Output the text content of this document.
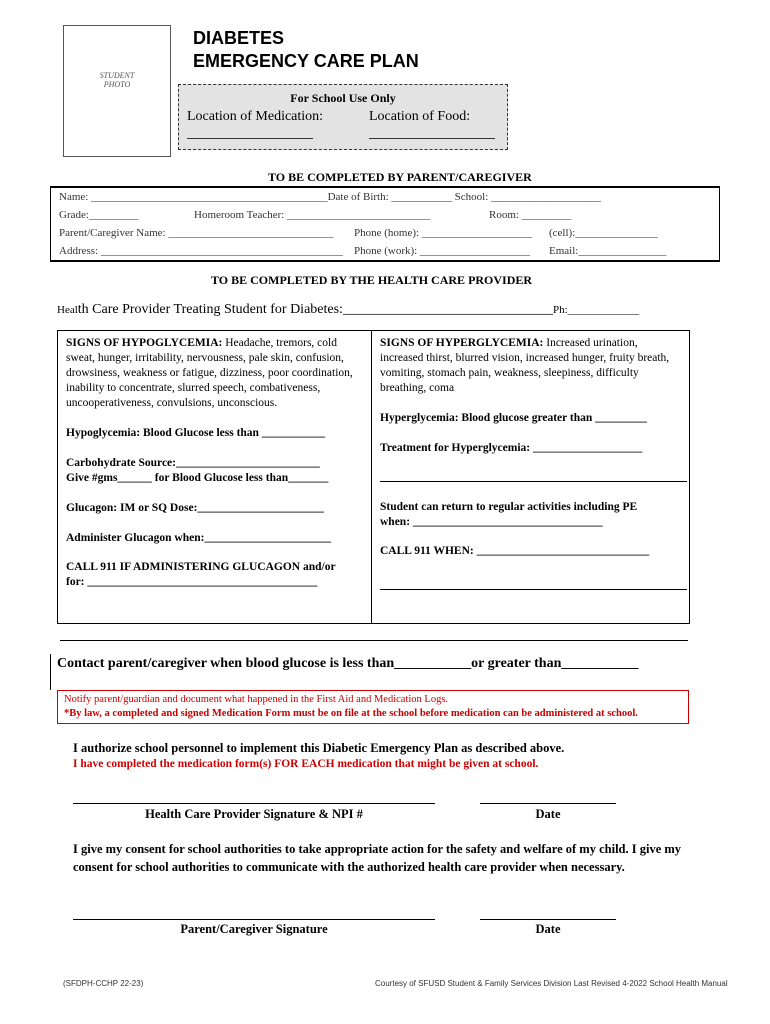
STUDENT
PHOTO
DIABETES
EMERGENCY CARE PLAN
For School Use Only
Location of Medication:	Location of Food:
TO BE COMPLETED BY PARENT/CAREGIVER
Name: ___________________________________________Date of Birth: ___________ School: ____________________
Grade:_________	Homeroom Teacher: __________________________	Room: _________
Parent/Caregiver Name: ______________________________ Phone (home): ____________________ (cell):_______________
Address: ____________________________________________ Phone (work): ____________________ Email:________________
TO BE COMPLETED BY THE HEALTH CARE PROVIDER
Health Care Provider Treating Student for Diabetes:______________________________Ph:_____________
SIGNS OF HYPOGLYCEMIA: Headache, tremors, cold sweat, hunger, irritability, nervousness, pale skin, confusion, drowsiness, weakness or fatigue, dizziness, poor coordination, inability to concentrate, slurred speech, combativeness, uncooperativeness, convulsions, unconscious.
Hypoglycemia: Blood Glucose less than ___________
Carbohydrate Source:_________________________
Give #gms______ for Blood Glucose less than_______
Glucagon: IM or SQ Dose:______________________
Administer Glucagon when:______________________
CALL 911 IF ADMINISTERING GLUCAGON and/or
for: ________________________________________
SIGNS OF HYPERGLYCEMIA: Increased urination, increased thirst, blurred vision, increased hunger, fruity breath, vomiting, stomach pain, weakness, sleepiness, difficulty breathing, coma
Hyperglycemia: Blood glucose greater than _________
Treatment for Hyperglycemia: ___________________
Student can return to regular activities including PE
when: _________________________________
CALL 911 WHEN: ______________________________
Contact parent/caregiver when blood glucose is less than___________or greater than___________
Notify parent/guardian and document what happened in the First Aid and Medication Logs.
*By law, a completed and signed Medication Form must be on file at the school before medication can be administered at school.
I authorize school personnel to implement this Diabetic Emergency Plan as described above.
I have completed the medication form(s) FOR EACH medication that might be given at school.
Health Care Provider Signature & NPI #	Date
I give my consent for school authorities to take appropriate action for the safety and welfare of my child. I give my consent for school authorities to communicate with the authorized health care provider when necessary.
Parent/Caregiver Signature	Date
(SFDPH-CCHP 22-23)	Courtesy of SFUSD Student & Family Services Division Last Revised 4-2022 School Health Manual
